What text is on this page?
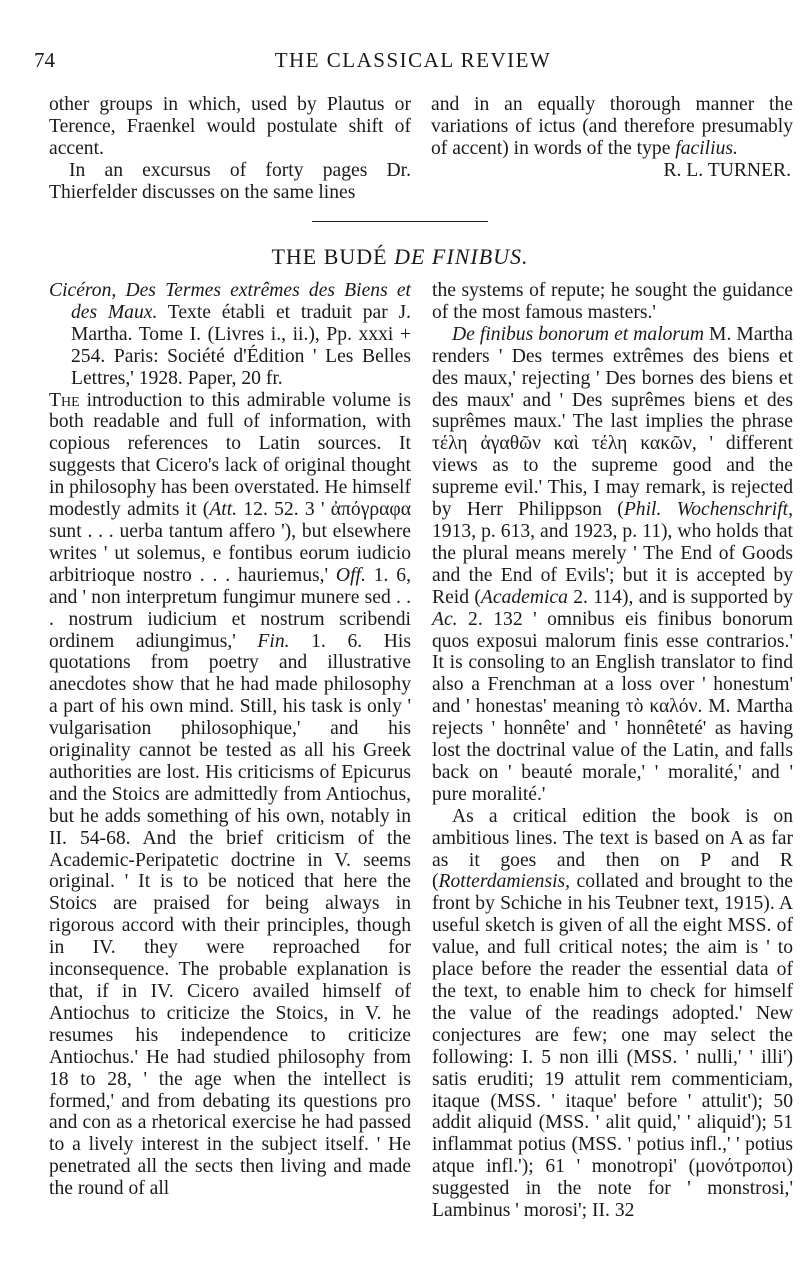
74	THE CLASSICAL REVIEW

other groups in which, used by Plautus or Terence, Fraenkel would postulate shift of accent.

In an excursus of forty pages Dr. Thierfelder discusses on the same lines

and in an equally thorough manner the variations of ictus (and therefore presumably of accent) in words of the type facilius.

R. L. TURNER.

THE BUDÉ DE FINIBUS.

Cicéron, Des Termes extrêmes des Biens et des Maux. Texte établi et traduit par J. Martha. Tome I. (Livres i., ii.), Pp. xxxi + 254. Paris: Société d'Édition ' Les Belles Lettres,' 1928. Paper, 20 fr.

The introduction to this admirable volume is both readable and full of information, with copious references to Latin sources. It suggests that Cicero's lack of original thought in philosophy has been overstated. He himself modestly admits it (Att. 12. 52. 3 ' ἀπόγραφα sunt . . . uerba tantum affero '), but elsewhere writes ' ut solemus, e fontibus eorum iudicio arbitrioque nostro . . . hauriemus,' Off. 1. 6, and ' non interpretum fungimur munere sed . . . nostrum iudicium et nostrum scribendi ordinem adiungimus,' Fin. 1. 6. His quotations from poetry and illustrative anecdotes show that he had made philosophy a part of his own mind. Still, his task is only ' vulgarisation philosophique,' and his originality cannot be tested as all his Greek authorities are lost. His criticisms of Epicurus and the Stoics are admittedly from Antiochus, but he adds something of his own, notably in II. 54-68. And the brief criticism of the Academic-Peripatetic doctrine in V. seems original. ' It is to be noticed that here the Stoics are praised for being always in rigorous accord with their principles, though in IV. they were reproached for inconsequence. The probable explanation is that, if in IV. Cicero availed himself of Antiochus to criticize the Stoics, in V. he resumes his independence to criticize Antiochus.' He had studied philosophy from 18 to 28, ' the age when the intellect is formed,' and from debating its questions pro and con as a rhetorical exercise he had passed to a lively interest in the subject itself. ' He penetrated all the sects then living and made the round of all

the systems of repute; he sought the guidance of the most famous masters.'

De finibus bonorum et malorum M. Martha renders ' Des termes extrêmes des biens et des maux,' rejecting ' Des bornes des biens et des maux' and ' Des suprêmes biens et des suprêmes maux.' The last implies the phrase τέλη ἀγαθῶν καὶ τέλη κακῶν, ' different views as to the supreme good and the supreme evil.' This, I may remark, is rejected by Herr Philippson (Phil. Wochenschrift, 1913, p. 613, and 1923, p. 11), who holds that the plural means merely ' The End of Goods and the End of Evils'; but it is accepted by Reid (Academica 2. 114), and is supported by Ac. 2. 132 ' omnibus eis finibus bonorum quos exposui malorum finis esse contrarios.' It is consoling to an English translator to find also a Frenchman at a loss over ' honestum' and ' honestas' meaning τὸ καλόν. M. Martha rejects ' honnête' and ' honnêteté' as having lost the doctrinal value of the Latin, and falls back on ' beauté morale,' ' moralité,' and ' pure moralité.'

As a critical edition the book is on ambitious lines. The text is based on A as far as it goes and then on P and R (Rotterdamiensis, collated and brought to the front by Schiche in his Teubner text, 1915). A useful sketch is given of all the eight MSS. of value, and full critical notes; the aim is ' to place before the reader the essential data of the text, to enable him to check for himself the value of the readings adopted.' New conjectures are few; one may select the following: I. 5 non illi (MSS. ' nulli,' ' illi') satis eruditi; 19 attulit rem commenticiam, itaque (MSS. ' itaque' before ' attulit'); 50 addit aliquid (MSS. ' alit quid,' ' aliquid'); 51 inflammat potius (MSS. ' potius infl.,' ' potius atque infl.'); 61 ' monotropi' (μονότροποι) suggested in the note for ' monstrosi,' Lambinus ' morosi'; II. 32
